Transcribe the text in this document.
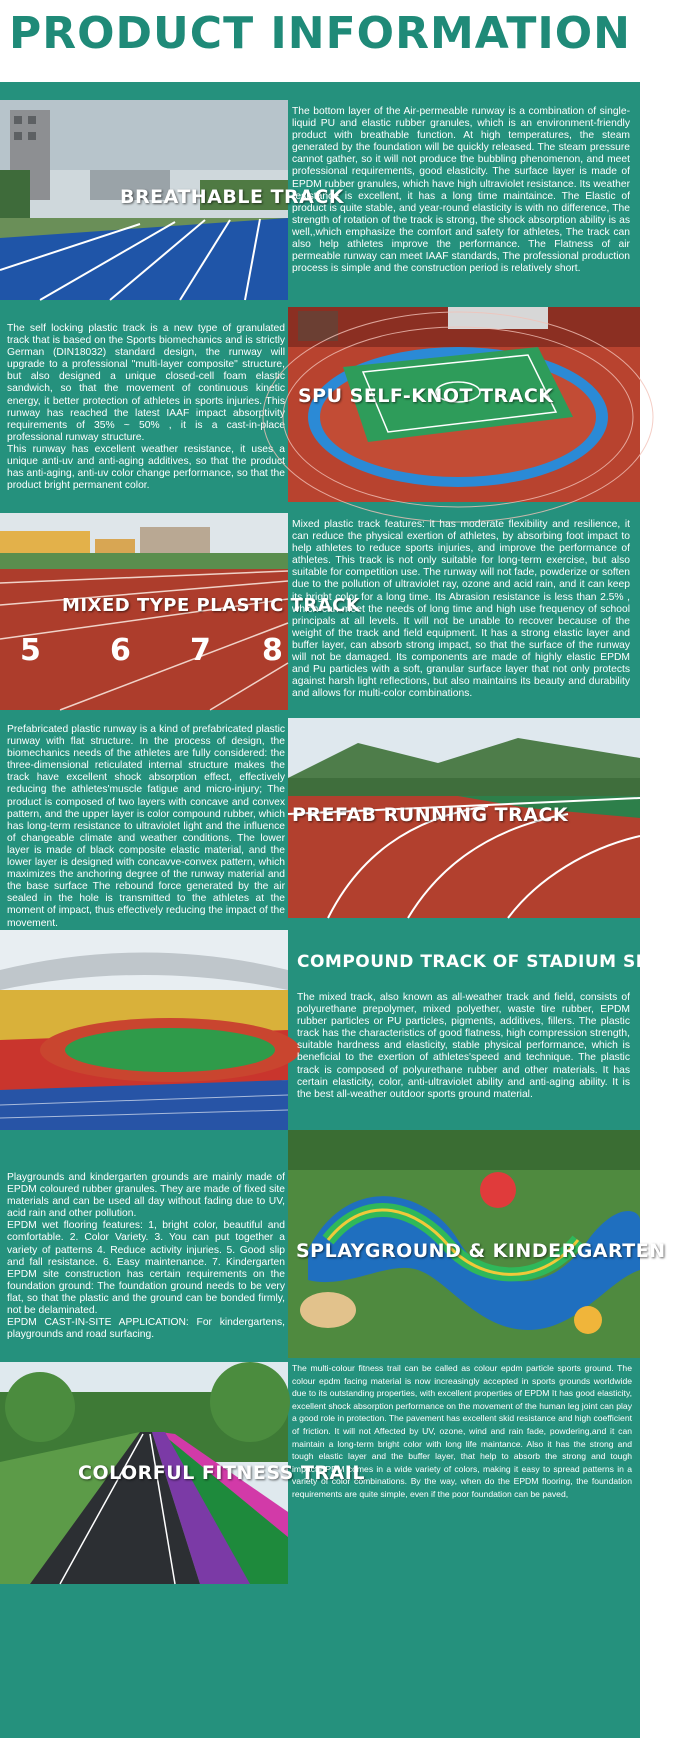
PRODUCT INFORMATION
BREATHABLE TRACK
The bottom layer of the Air-permeable runway is a combination of single-liquid PU and elastic rubber granules, which is an environment-friendly product with breathable function. At high temperatures, the steam generated by the foundation will be quickly released. The steam pressure cannot gather, so it will not produce the bubbling phenomenon, and meet professional requirements, good elasticity. The surface layer is made of EPDM rubber granules, which have high ultraviolet resistance. Its weather resistance is excellent, it has a long time maintaince. The Elastic of product is quite stable, and year-round elasticity is with no difference, The strength of rotation of the track is strong, the shock absorption ability is as well,,which emphasize the comfort and safety for athletes, The track can also help athletes improve the performance. The Flatness of air permeable runway can meet IAAF standards, The professional production process is simple and the construction period is relatively short.
The self locking plastic track is a new type of granulated track that is based on the Sports biomechanics and is strictly German (DIN18032) standard design, the runway will upgrade to a professional "multi-layer composite" structure, but also designed a unique closed-cell foam elastic sandwich, so that the movement of continuous kinetic energy, it better protection of athletes in sports injuries. This runway has reached the latest IAAF impact absorptivity requirements of 35% ~ 50% , it is a cast-in-place professional runway structure.
This runway has excellent weather resistance, it uses a unique anti-uv and anti-aging additives, so that the product has anti-aging, anti-uv color change performance, so that the product bright permanent color.
SPU SELF-KNOT TRACK
5 6 7 8
MIXED TYPE PLASTIC TRACK
Mixed plastic track features: it has moderate flexibility and resilience, it can reduce the physical exertion of athletes, by absorbing foot impact to help athletes to reduce sports injuries, and improve the performance of athletes. This track is not only suitable for long-term exercise, but also suitable for competition use. The runway will not fade, powderize or soften due to the pollution of ultraviolet ray, ozone and acid rain, and it can keep its bright color for a long time. Its Abrasion resistance is less than 2.5% , which can meet the needs of long time and high use frequency of school principals at all levels. It will not be unable to recover because of the weight of the track and field equipment. It has a strong elastic layer and buffer layer, can absorb strong impact, so that the surface of the runway will not be damaged. Its components are made of highly elastic EPDM and Pu particles with a soft, granular surface layer that not only protects against harsh light reflections, but also maintains its beauty and durability and allows for multi-color combinations.
Prefabricated plastic runway is a kind of prefabricated plastic runway with flat structure. In the process of design, the biomechanics needs of the athletes are fully considered: the three-dimensional reticulated internal structure makes the track have excellent shock absorption effect, effectively reducing the athletes'muscle fatigue and micro-injury; The product is composed of two layers with concave and convex pattern, and the upper layer is color compound rubber, which has long-term resistance to ultraviolet light and the influence of changeable climate and weather conditions. The lower layer is made of black composite elastic material, and the lower layer is designed with concavve-convex pattern, which maximizes the anchoring degree of the runway material and the base surface The rebound force generated by the air sealed in the hole is transmitted to the athletes at the moment of impact, thus effectively reducing the impact of the movement.
PREFAB RUNNING TRACK
COMPOUND TRACK OF STADIUM SERIES
The mixed track, also known as all-weather track and field, consists of polyurethane prepolymer, mixed polyether, waste tire rubber, EPDM rubber particles or PU particles, pigments, additives, fillers. The plastic track has the characteristics of good flatness, high compression strength, suitable hardness and elasticity, stable physical performance, which is beneficial to the exertion of athletes'speed and technique. The plastic track is composed of polyurethane rubber and other materials. It has certain elasticity, color, anti-ultraviolet ability and anti-aging ability. It is the best all-weather outdoor sports ground material.
Playgrounds and kindergarten grounds are mainly made of EPDM coloured rubber granules. They are made of fixed site materials and can be used all day without fading due to UV, acid rain and other pollution.
EPDM wet flooring features: 1, bright color, beautiful and comfortable. 2. Color Variety. 3. You can put together a variety of patterns 4. Reduce activity injuries. 5. Good slip and fall resistance. 6. Easy maintenance. 7. Kindergarten EPDM site construction has certain requirements on the foundation ground: The foundation ground needs to be very flat, so that the plastic and the ground can be bonded firmly, not be delaminated.
EPDM CAST-IN-SITE APPLICATION: For kindergartens, playgrounds and road surfacing.
SPLAYGROUND & KINDERGARTEN
COLORFUL FITNESS TRAIL
The multi-colour fitness trail can be called as colour epdm particle sports ground. The colour epdm facing material is now increasingly accepted in sports grounds worldwide due to its outstanding properties, with excellent properties of EPDM It has good elasticity, excellent shock absorption performance on the movement of the human leg joint can play a good role in protection. The pavement has excellent skid resistance and high coefficient of friction. It will not Affected by UV, ozone, wind and rain fade, powdering,and it can maintain a long-term bright color with long life maintance. Also it has the strong and tough elastic layer and the buffer layer, that help to absorb the strong and tough impact.EPDM comes in a wide variety of colors, making it easy to spread patterns in a variety of color combinations. By the way, when do the EPDM flooring, the foundation requirements are quite simple, even if the poor foundation can be paved,
